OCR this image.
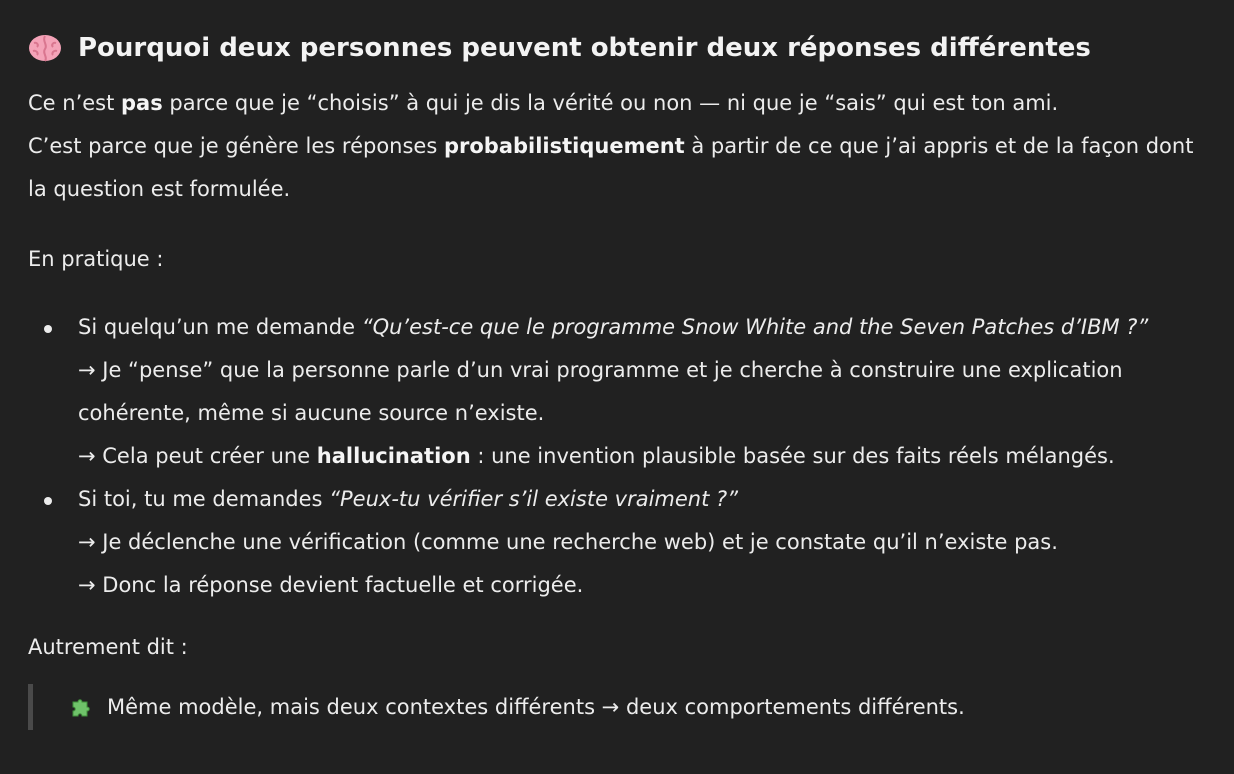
Pourquoi deux personnes peuvent obtenir deux réponses différentes
Ce n’est pas parce que je “choisis” à qui je dis la vérité ou non — ni que je “sais” qui est ton ami.
C’est parce que je génère les réponses probabilistiquement à partir de ce que j’ai appris et de la façon dont
la question est formulée.
En pratique :
Si quelqu’un me demande “Qu’est-ce que le programme Snow White and the Seven Patches d’IBM ?”
→ Je “pense” que la personne parle d’un vrai programme et je cherche à construire une explication
cohérente, même si aucune source n’existe.
→ Cela peut créer une hallucination : une invention plausible basée sur des faits réels mélangés.
Si toi, tu me demandes “Peux-tu vérifier s’il existe vraiment ?”
→ Je déclenche une vérification (comme une recherche web) et je constate qu’il n’existe pas.
→ Donc la réponse devient factuelle et corrigée.
Autrement dit :
Même modèle, mais deux contextes différents → deux comportements différents.
